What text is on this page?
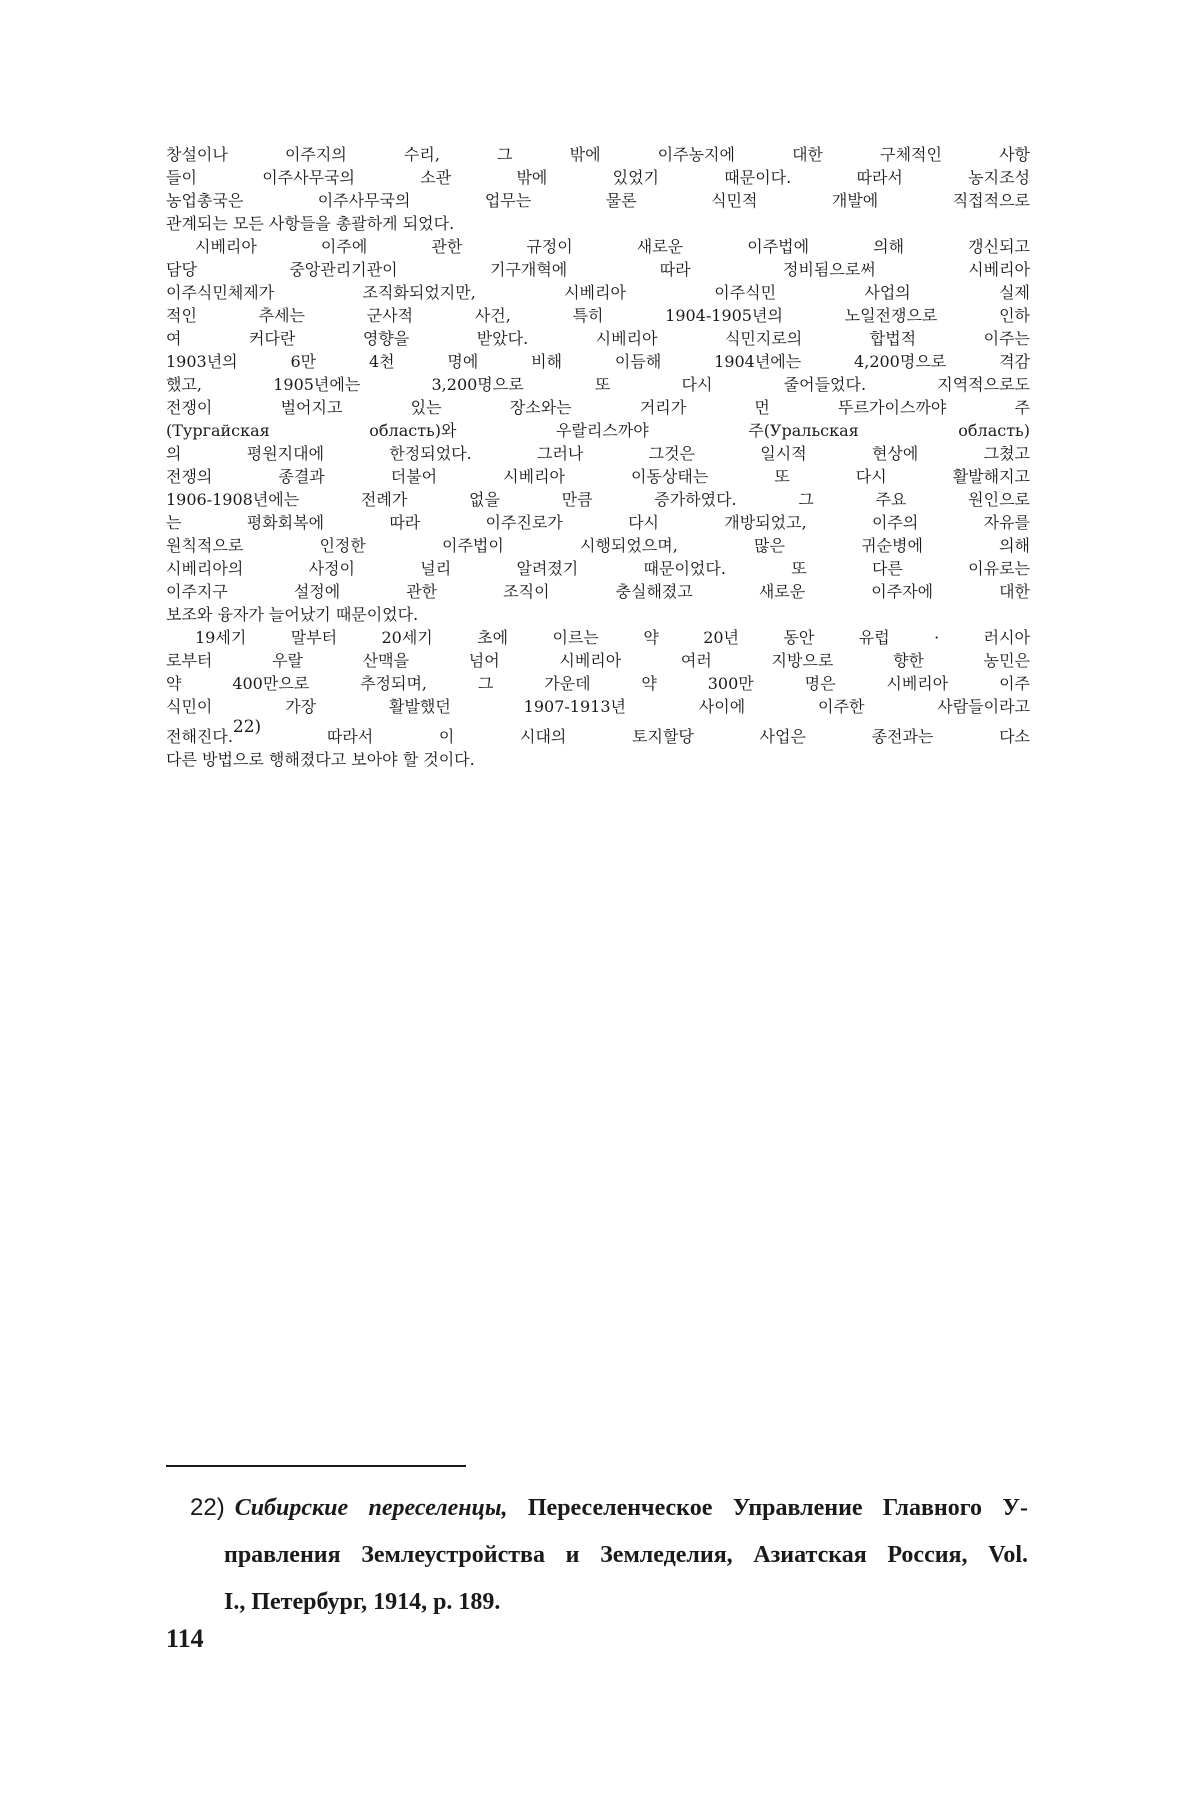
창설이나 이주지의 수리, 그 밖에 이주농지에 대한 구체적인 사항
들이 이주사무국의 소관 밖에 있었기 때문이다. 따라서 농지조성
농업총국은 이주사무국의 업무는 물론 식민적 개발에 직접적으로
관계되는 모든 사항들을 총괄하게 되었다.
시베리아 이주에 관한 규정이 새로운 이주법에 의해 갱신되고
담당 중앙관리기관이 기구개혁에 따라 정비됨으로써 시베리아
이주식민체제가 조직화되었지만, 시베리아 이주식민 사업의 실제
적인 추세는 군사적 사건, 특히 1904-1905년의 노일전쟁으로 인하
여 커다란 영향을 받았다. 시베리아 식민지로의 합법적 이주는
1903년의 6만 4천 명에 비해 이듬해 1904년에는 4,200명으로 격감
했고, 1905년에는 3,200명으로 또 다시 줄어들었다. 지역적으로도
전쟁이 벌어지고 있는 장소와는 거리가 먼 뚜르가이스까야 주
(Тургайская область)와 우랄리스까야 주(Уральская область)
의 평원지대에 한정되었다. 그러나 그것은 일시적 현상에 그쳤고
전쟁의 종결과 더불어 시베리아 이동상태는 또 다시 활발해지고
1906-1908년에는 전례가 없을 만큼 증가하였다. 그 주요 원인으로
는 평화회복에 따라 이주진로가 다시 개방되었고, 이주의 자유를
원칙적으로 인정한 이주법이 시행되었으며, 많은 귀순병에 의해
시베리아의 사정이 널리 알려졌기 때문이었다. 또 다른 이유로는
이주지구 설정에 관한 조직이 충실해졌고 새로운 이주자에 대한
보조와 융자가 늘어났기 때문이었다.
19세기 말부터 20세기 초에 이르는 약 20년 동안 유럽 · 러시아
로부터 우랄 산맥을 넘어 시베리아 여러 지방으로 향한 농민은
약 400만으로 추정되며, 그 가운데 약 300만 명은 시베리아 이주
식민이 가장 활발했던 1907-1913년 사이에 이주한 사람들이라고
전해진다.22) 따라서 이 시대의 토지할당 사업은 종전과는 다소
다른 방법으로 행해졌다고 보아야 할 것이다.
22) Сибирские переселенцы, Переселенческое Управление Главного У-
правления Землеустройства и Земледелия, Азиатская Россия, Vol.
I., Петербург, 1914, p. 189.
114
